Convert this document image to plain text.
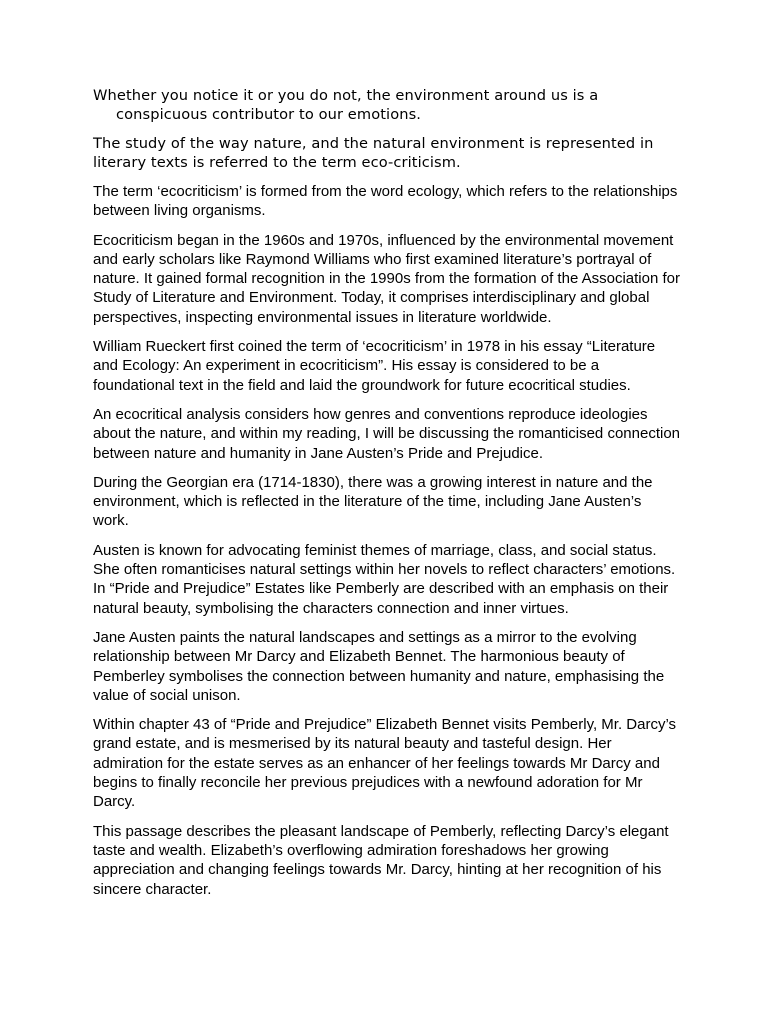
Whether you notice it or you do not, the environment around us is a conspicuous contributor to our emotions.

The study of the way nature, and the natural environment is represented in literary texts is referred to the term eco-criticism.

The term ‘ecocriticism’ is formed from the word ecology, which refers to the relationships between living organisms.

Ecocriticism began in the 1960s and 1970s, influenced by the environmental movement and early scholars like Raymond Williams who first examined literature’s portrayal of nature. It gained formal recognition in the 1990s from the formation of the Association for Study of Literature and Environment. Today, it comprises interdisciplinary and global perspectives, inspecting environmental issues in literature worldwide.

William Rueckert first coined the term of ‘ecocriticism’ in 1978 in his essay “Literature and Ecology: An experiment in ecocriticism”. His essay is considered to be a foundational text in the field and laid the groundwork for future ecocritical studies.

An ecocritical analysis considers how genres and conventions reproduce ideologies about the nature, and within my reading, I will be discussing the romanticised connection between nature and humanity in Jane Austen’s Pride and Prejudice.

During the Georgian era (1714-1830), there was a growing interest in nature and the environment, which is reflected in the literature of the time, including Jane Austen’s work.

Austen is known for advocating feminist themes of marriage, class, and social status. She often romanticises natural settings within her novels to reflect characters’ emotions. In “Pride and Prejudice” Estates like Pemberly are described with an emphasis on their natural beauty, symbolising the characters connection and inner virtues.

Jane Austen paints the natural landscapes and settings as a mirror to the evolving relationship between Mr Darcy and Elizabeth Bennet. The harmonious beauty of Pemberley symbolises the connection between humanity and nature, emphasising the value of social unison.

Within chapter 43 of “Pride and Prejudice” Elizabeth Bennet visits Pemberly, Mr. Darcy’s grand estate, and is mesmerised by its natural beauty and tasteful design. Her admiration for the estate serves as an enhancer of her feelings towards Mr Darcy and begins to finally reconcile her previous prejudices with a newfound adoration for Mr Darcy.

This passage describes the pleasant landscape of Pemberly, reflecting Darcy’s elegant taste and wealth. Elizabeth’s overflowing admiration foreshadows her growing appreciation and changing feelings towards Mr. Darcy, hinting at her recognition of his sincere character.
